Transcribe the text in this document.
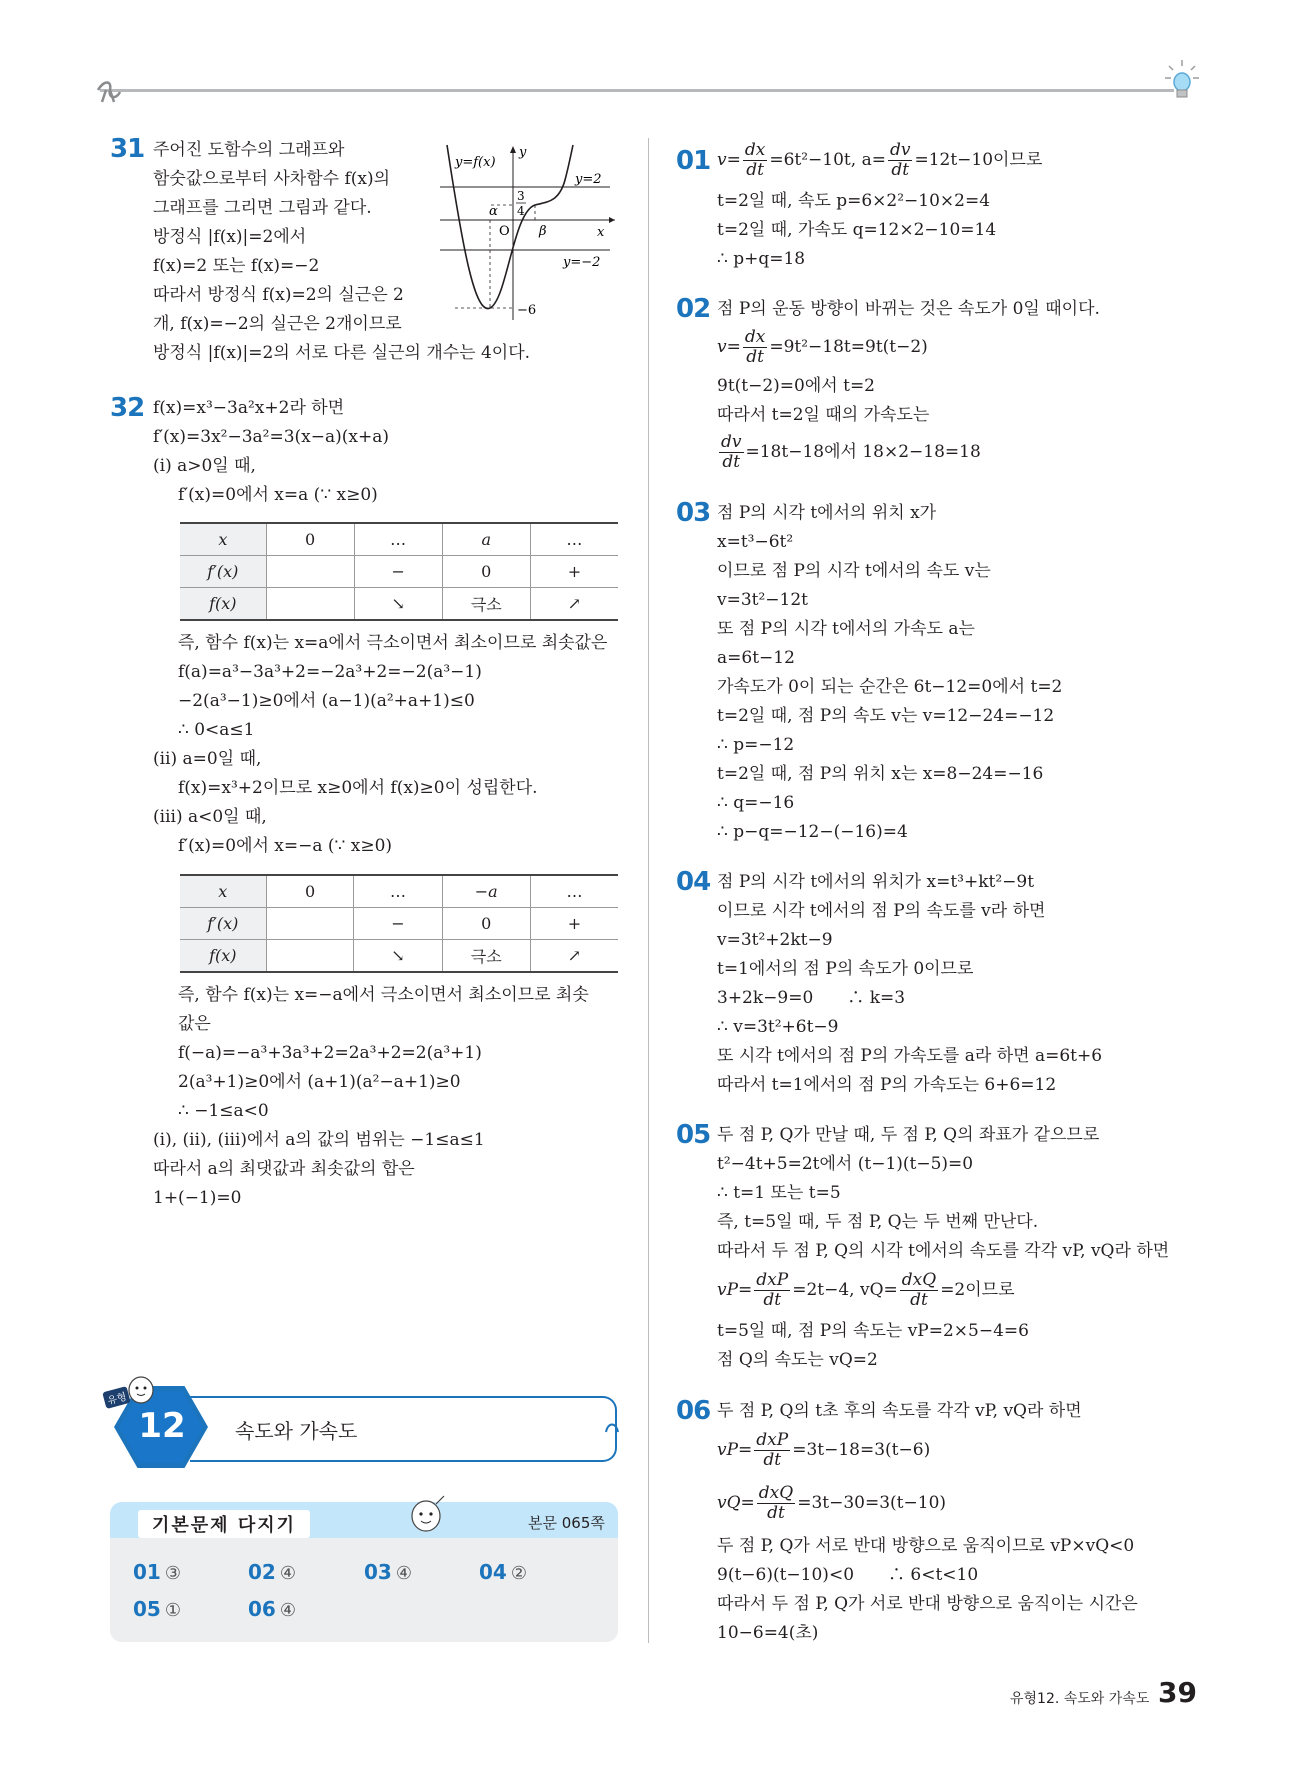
31 주어진 도함수의 그래프와
함숫값으로부터 사차함수 f(x)의
그래프를 그리면 그림과 같다.
방정식 |f(x)|=2에서
f(x)=2 또는 f(x)=−2
따라서 방정식 f(x)=2의 실근은 2
개, f(x)=−2의 실근은 2개이므로
방정식 |f(x)|=2의 서로 다른 실근의 개수는 4이다.
y=f(x)
y
x
y=2
y=−2
3
4
α
β
O
−6
32 f(x)=x³−3a²x+2라 하면
f′(x)=3x²−3a²=3(x−a)(x+a)
(ⅰ) a>0일 때,
f′(x)=0에서 x=a (∵ x≥0)
x	0	…	a	…
f′(x)		−	0	+
f(x)		↘	극소	↗
즉, 함수 f(x)는 x=a에서 극소이면서 최소이므로 최솟값은
f(a)=a³−3a³+2=−2a³+2=−2(a³−1)
−2(a³−1)≥0에서 (a−1)(a²+a+1)≤0
∴ 0<a≤1
(ⅱ) a=0일 때,
f(x)=x³+2이므로 x≥0에서 f(x)≥0이 성립한다.
(ⅲ) a<0일 때,
f′(x)=0에서 x=−a (∵ x≥0)
x	0	…	−a	…
f′(x)		−	0	+
f(x)		↘	극소	↗
즉, 함수 f(x)는 x=−a에서 극소이면서 최소이므로 최솟
값은
f(−a)=−a³+3a³+2=2a³+2=2(a³+1)
2(a³+1)≥0에서 (a+1)(a²−a+1)≥0
∴ −1≤a<0
(ⅰ), (ⅱ), (ⅲ)에서 a의 값의 범위는 −1≤a≤1
따라서 a의 최댓값과 최솟값의 합은
1+(−1)=0
12
유형
속도와 가속도
기본문제 다지기	본문 065쪽
01 ③	02 ④	03 ④	04 ②
05 ①	06 ④
01 $v= \frac{dx}{dt} =6t^2-10t$, $a= \frac{dv}{dt} =12t-10$이므로
t=2일 때, 속도 p=6×2²−10×2=4
t=2일 때, 가속도 q=12×2−10=14
∴ p+q=18
02 점 P의 운동 방향이 바뀌는 것은 속도가 0일 때이다.
$v= \frac{dx}{dt} =9t^2-18t=9t(t-2)$
9t(t−2)=0에서 t=2
따라서 t=2일 때의 가속도는
$\frac{dv}{dt} =18t-18$에서 18×2−18=18
03 점 P의 시각 t에서의 위치 x가
x=t³−6t²
이므로 점 P의 시각 t에서의 속도 v는
v=3t²−12t
또 점 P의 시각 t에서의 가속도 a는
a=6t−12
가속도가 0이 되는 순간은 6t−12=0에서 t=2
t=2일 때, 점 P의 속도 v는 v=12−24=−12
∴ p=−12
t=2일 때, 점 P의 위치 x는 x=8−24=−16
∴ q=−16
∴ p−q=−12−(−16)=4
04 점 P의 시각 t에서의 위치가 x=t³+kt²−9t
이므로 시각 t에서의 점 P의 속도를 v라 하면
v=3t²+2kt−9
t=1에서의 점 P의 속도가 0이므로
3+2k−9=0　　∴ k=3
∴ v=3t²+6t−9
또 시각 t에서의 점 P의 가속도를 a라 하면 a=6t+6
따라서 t=1에서의 점 P의 가속도는 6+6=12
05 두 점 P, Q가 만날 때, 두 점 P, Q의 좌표가 같으므로
t²−4t+5=2t에서 (t−1)(t−5)=0
∴ t=1 또는 t=5
즉, t=5일 때, 두 점 P, Q는 두 번째 만난다.
따라서 두 점 P, Q의 시각 t에서의 속도를 각각 vP, vQ라 하면
$vP= \frac{\text{dxP}}{dt} =2t-4$, $vQ= \frac{\text{dxQ}}{dt} =2$이므로
t=5일 때, 점 P의 속도는 vP=2×5−4=6
점 Q의 속도는 vQ=2
06 두 점 P, Q의 t초 후의 속도를 각각 vP, vQ라 하면
$vP= \frac{\text{dxP}}{dt} =3t-18=3(t-6)$
$vQ= \frac{\text{dxQ}}{dt} =3t-30=3(t-10)$
두 점 P, Q가 서로 반대 방향으로 움직이므로 vP×vQ<0
9(t−6)(t−10)<0　　∴ 6<t<10
따라서 두 점 P, Q가 서로 반대 방향으로 움직이는 시간은
10−6=4(초)
유형12. 속도와 가속도 39
